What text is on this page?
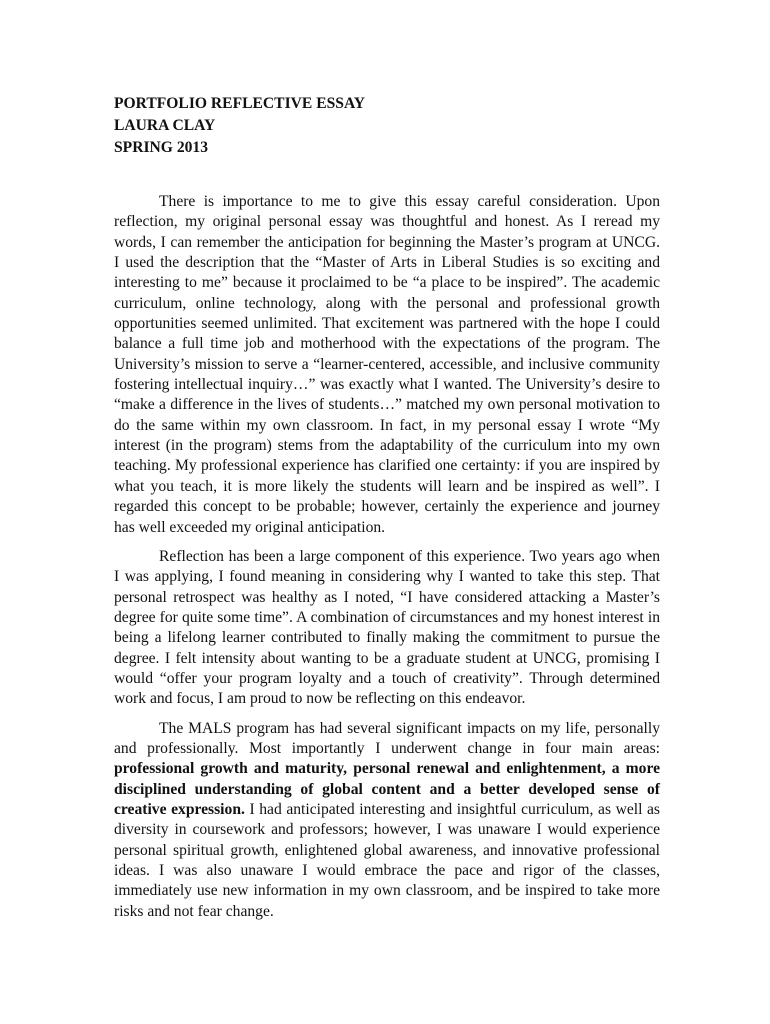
PORTFOLIO REFLECTIVE ESSAY

LAURA CLAY

SPRING 2013

There is importance to me to give this essay careful consideration. Upon reflection, my original personal essay was thoughtful and honest. As I reread my words, I can remember the anticipation for beginning the Master’s program at UNCG. I used the description that the “Master of Arts in Liberal Studies is so exciting and interesting to me” because it proclaimed to be “a place to be inspired”. The academic curriculum, online technology, along with the personal and professional growth opportunities seemed unlimited. That excitement was partnered with the hope I could balance a full time job and motherhood with the expectations of the program. The University’s mission to serve a “learner-centered, accessible, and inclusive community fostering intellectual inquiry…” was exactly what I wanted. The University’s desire to “make a difference in the lives of students…” matched my own personal motivation to do the same within my own classroom. In fact, in my personal essay I wrote “My interest (in the program) stems from the adaptability of the curriculum into my own teaching. My professional experience has clarified one certainty: if you are inspired by what you teach, it is more likely the students will learn and be inspired as well”. I regarded this concept to be probable; however, certainly the experience and journey has well exceeded my original anticipation.

Reflection has been a large component of this experience. Two years ago when I was applying, I found meaning in considering why I wanted to take this step. That personal retrospect was healthy as I noted, “I have considered attacking a Master’s degree for quite some time”. A combination of circumstances and my honest interest in being a lifelong learner contributed to finally making the commitment to pursue the degree. I felt intensity about wanting to be a graduate student at UNCG, promising I would “offer your program loyalty and a touch of creativity”. Through determined work and focus, I am proud to now be reflecting on this endeavor.

The MALS program has had several significant impacts on my life, personally and professionally. Most importantly I underwent change in four main areas: professional growth and maturity, personal renewal and enlightenment, a more disciplined understanding of global content and a better developed sense of creative expression. I had anticipated interesting and insightful curriculum, as well as diversity in coursework and professors; however, I was unaware I would experience personal spiritual growth, enlightened global awareness, and innovative professional ideas. I was also unaware I would embrace the pace and rigor of the classes, immediately use new information in my own classroom, and be inspired to take more risks and not fear change.
